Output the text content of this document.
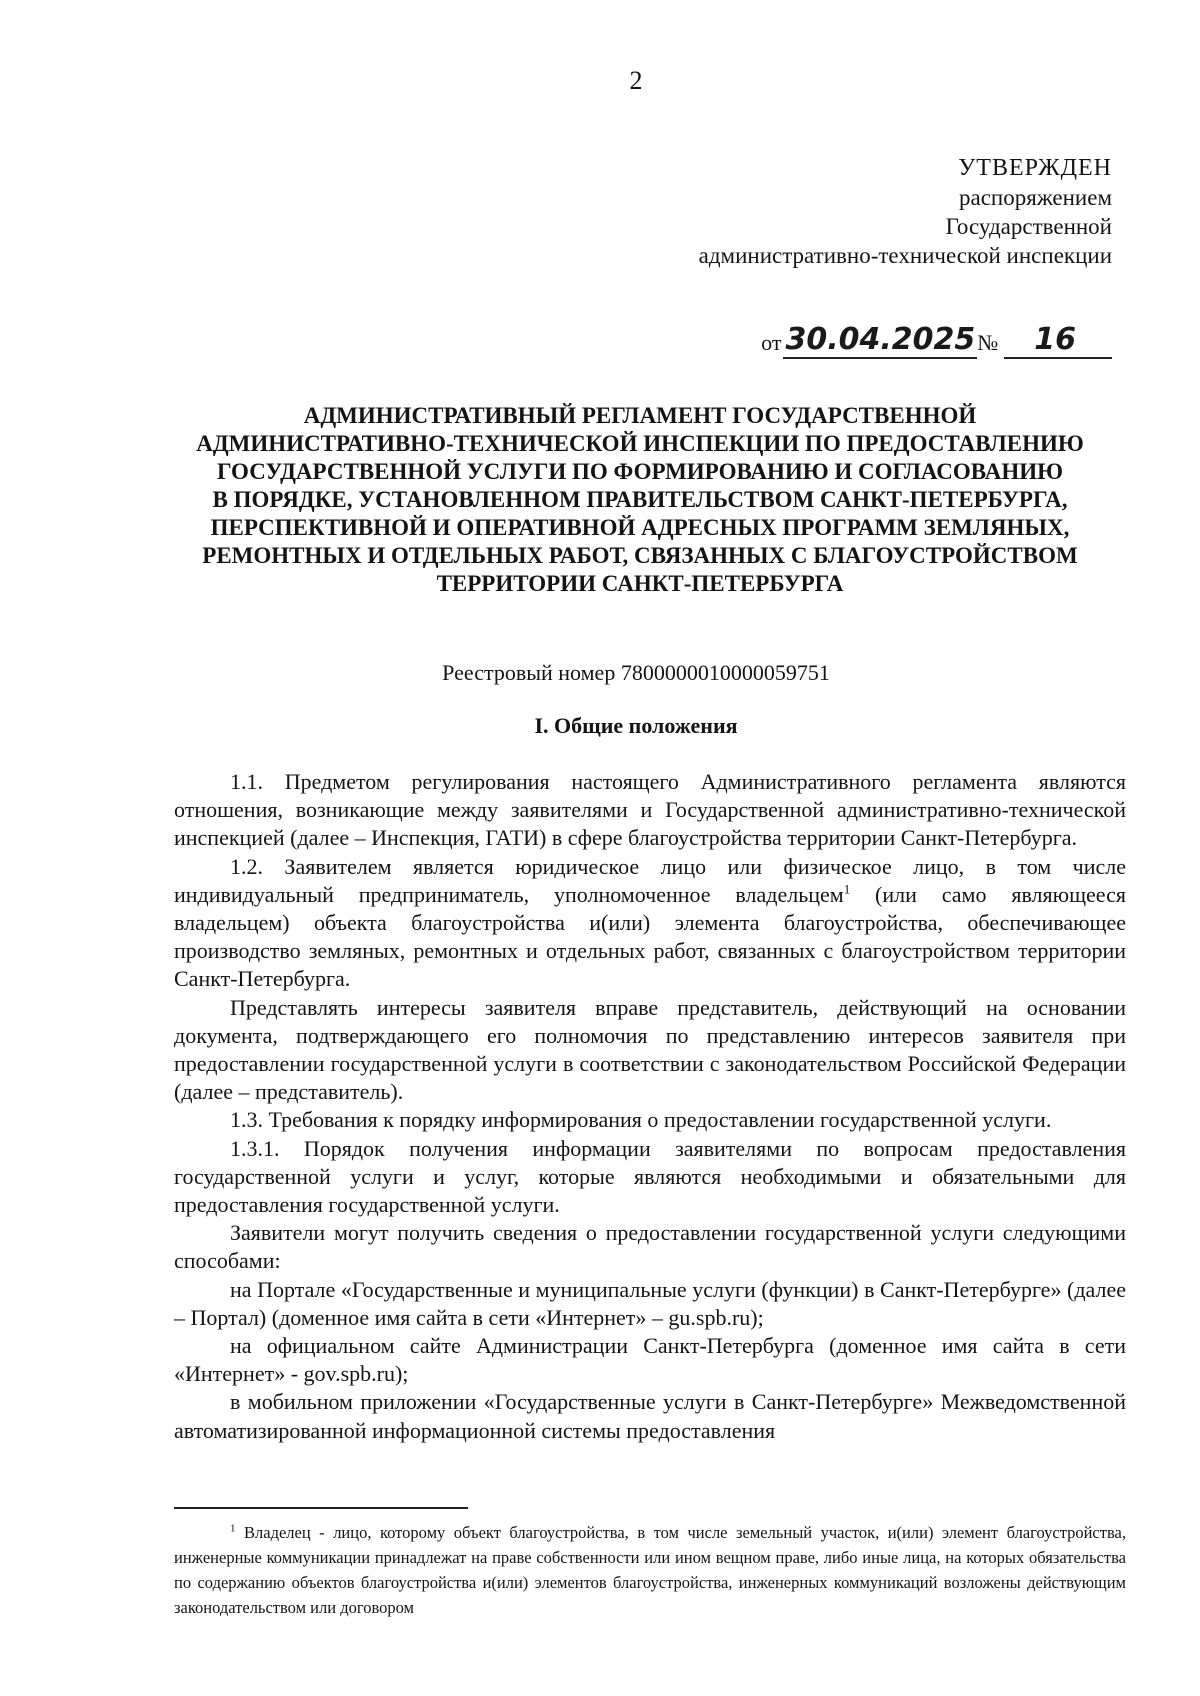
2
УТВЕРЖДЕН
распоряжением
Государственной
административно-технической инспекции
от 30.04.2025 №	16
АДМИНИСТРАТИВНЫЙ РЕГЛАМЕНТ ГОСУДАРСТВЕННОЙ
АДМИНИСТРАТИВНО-ТЕХНИЧЕСКОЙ ИНСПЕКЦИИ ПО ПРЕДОСТАВЛЕНИЮ
ГОСУДАРСТВЕННОЙ УСЛУГИ ПО ФОРМИРОВАНИЮ И СОГЛАСОВАНИЮ
В ПОРЯДКЕ, УСТАНОВЛЕННОМ ПРАВИТЕЛЬСТВОМ САНКТ-ПЕТЕРБУРГА,
ПЕРСПЕКТИВНОЙ И ОПЕРАТИВНОЙ АДРЕСНЫХ ПРОГРАММ ЗЕМЛЯНЫХ,
РЕМОНТНЫХ И ОТДЕЛЬНЫХ РАБОТ, СВЯЗАННЫХ С БЛАГОУСТРОЙСТВОМ
ТЕРРИТОРИИ САНКТ-ПЕТЕРБУРГА
Реестровый номер 7800000010000059751
I. Общие положения

1.1. Предметом регулирования настоящего Административного регламента являются отношения, возникающие между заявителями и Государственной административно-технической инспекцией (далее – Инспекция, ГАТИ) в сфере благоустройства территории Санкт-Петербурга.

1.2. Заявителем является юридическое лицо или физическое лицо, в том числе индивидуальный предприниматель, уполномоченное владельцем$^1$ (или само являющееся владельцем) объекта благоустройства и(или) элемента благоустройства, обеспечивающее производство земляных, ремонтных и отдельных работ, связанных с благоустройством территории Санкт-Петербурга.

Представлять интересы заявителя вправе представитель, действующий на основании документа, подтверждающего его полномочия по представлению интересов заявителя при предоставлении государственной услуги в соответствии с законодательством Российской Федерации (далее – представитель).

1.3. Требования к порядку информирования о предоставлении государственной услуги.

1.3.1. Порядок получения информации заявителями по вопросам предоставления государственной услуги и услуг, которые являются необходимыми и обязательными для предоставления государственной услуги.

Заявители могут получить сведения о предоставлении государственной услуги следующими способами:

на Портале «Государственные и муниципальные услуги (функции) в Санкт-Петербурге» (далее – Портал) (доменное имя сайта в сети «Интернет» – gu.spb.ru);

на официальном сайте Администрации Санкт-Петербурга (доменное имя сайта в сети «Интернет» - gov.spb.ru);

в мобильном приложении «Государственные услуги в Санкт-Петербурге» Межведомственной автоматизированной информационной системы предоставления

$^1$ Владелец - лицо, которому объект благоустройства, в том числе земельный участок, и(или) элемент благоустройства, инженерные коммуникации принадлежат на праве собственности или ином вещном праве, либо иные лица, на которых обязательства по содержанию объектов благоустройства и(или) элементов благоустройства, инженерных коммуникаций возложены действующим законодательством или договором
